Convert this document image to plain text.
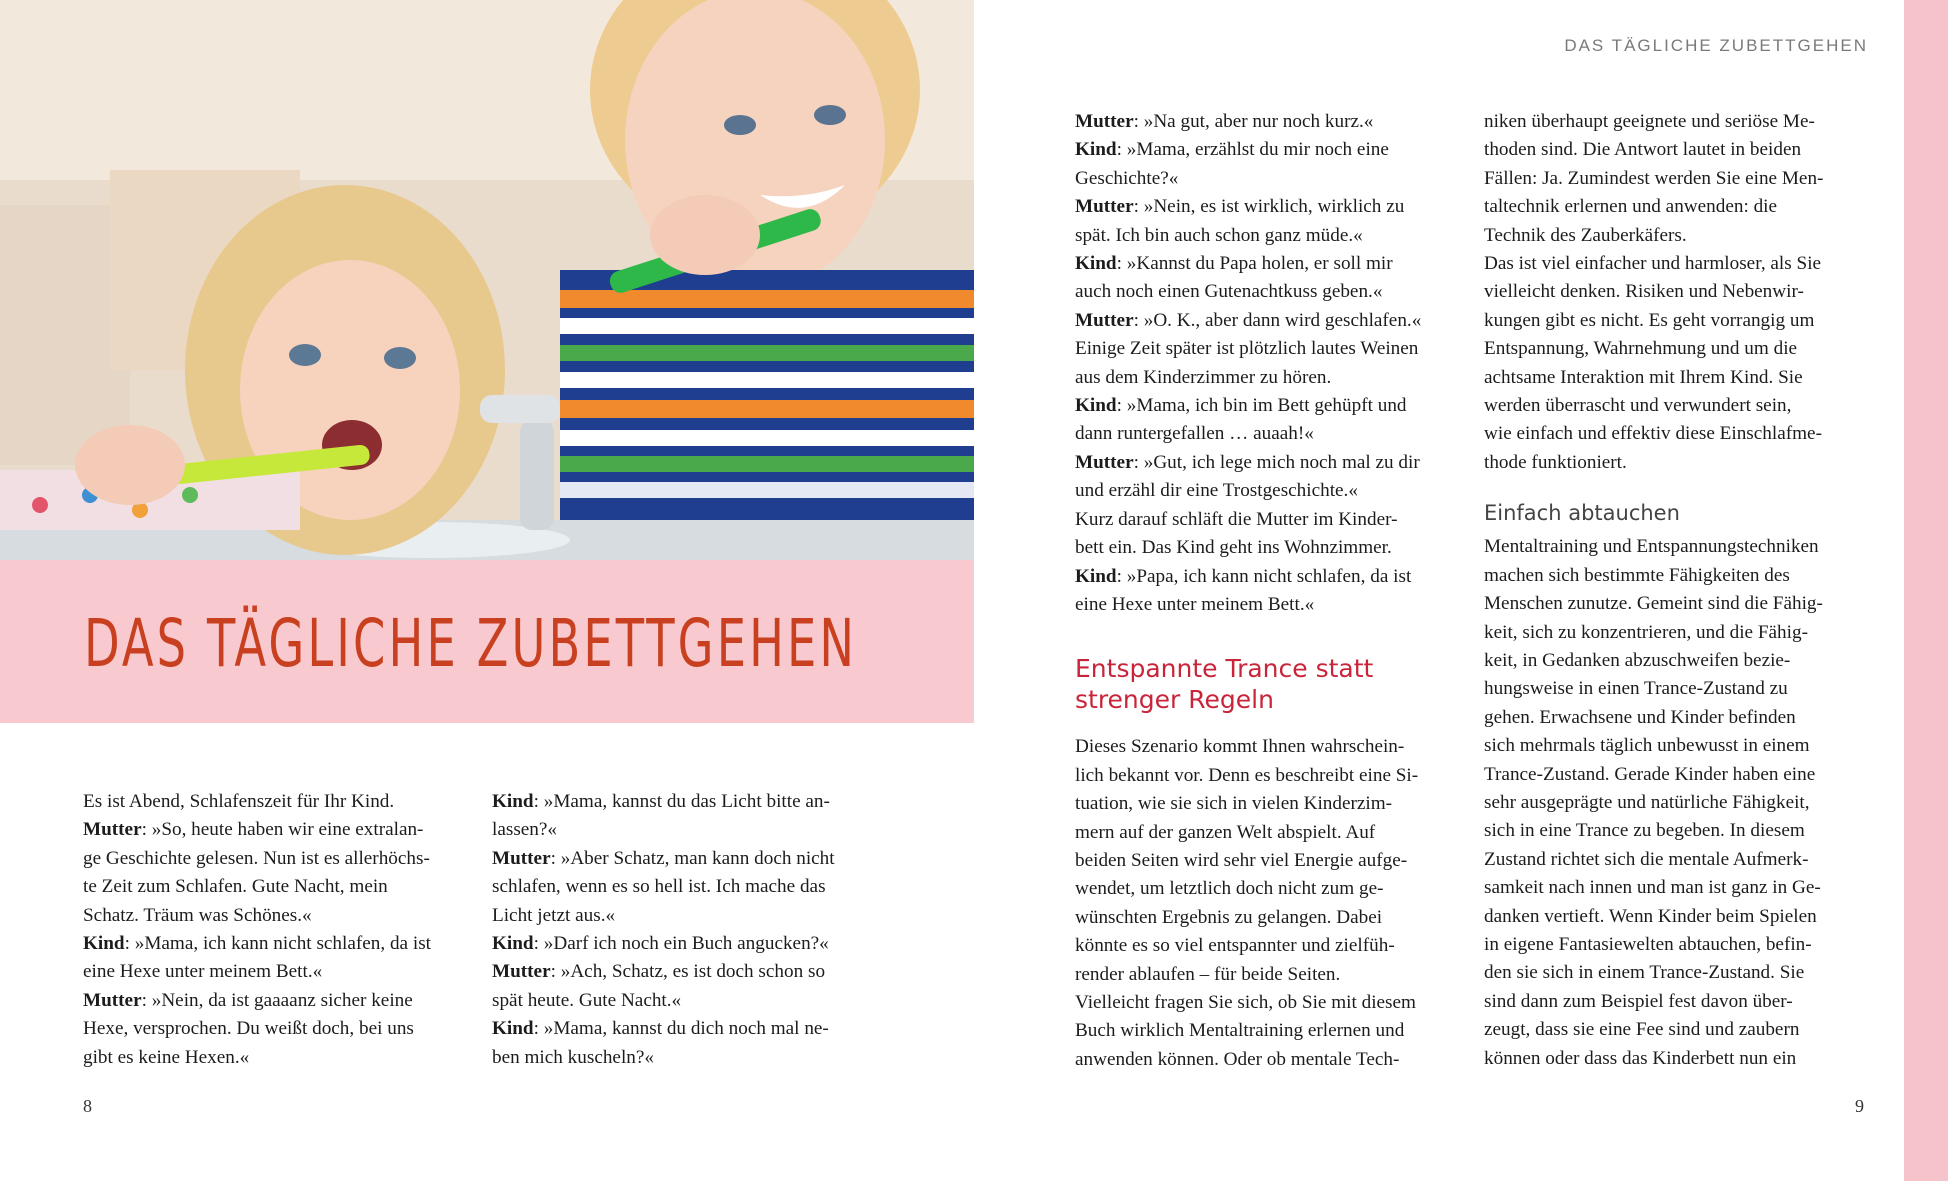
DAS TÄGLICHE ZUBETTGEHEN

Es ist Abend, Schlafenszeit für Ihr Kind.

Mutter: »So, heute haben wir eine extralan-

ge Geschichte gelesen. Nun ist es allerhöchs-

te Zeit zum Schlafen. Gute Nacht, mein

Schatz. Träum was Schönes.«

Kind: »Mama, ich kann nicht schlafen, da ist

eine Hexe unter meinem Bett.«

Mutter: »Nein, da ist gaaaanz sicher keine

Hexe, versprochen. Du weißt doch, bei uns

gibt es keine Hexen.«

Kind: »Mama, kannst du das Licht bitte an-

lassen?«

Mutter: »Aber Schatz, man kann doch nicht

schlafen, wenn es so hell ist. Ich mache das

Licht jetzt aus.«

Kind: »Darf ich noch ein Buch angucken?«

Mutter: »Ach, Schatz, es ist doch schon so

spät heute. Gute Nacht.«

Kind: »Mama, kannst du dich noch mal ne-

ben mich kuscheln?«

8
DAS TÄGLICHE ZUBETTGEHEN

Mutter: »Na gut, aber nur noch kurz.«

Kind: »Mama, erzählst du mir noch eine

Geschichte?«

Mutter: »Nein, es ist wirklich, wirklich zu

spät. Ich bin auch schon ganz müde.«

Kind: »Kannst du Papa holen, er soll mir

auch noch einen Gutenachtkuss geben.«

Mutter: »O. K., aber dann wird geschlafen.«

Einige Zeit später ist plötzlich lautes Weinen

aus dem Kinderzimmer zu hören.

Kind: »Mama, ich bin im Bett gehüpft und

dann runtergefallen … auaah!«

Mutter: »Gut, ich lege mich noch mal zu dir

und erzähl dir eine Trostgeschichte.«

Kurz darauf schläft die Mutter im Kinder-

bett ein. Das Kind geht ins Wohnzimmer.

Kind: »Papa, ich kann nicht schlafen, da ist

eine Hexe unter meinem Bett.«

Entspannte Trance statt
strenger Regeln

Dieses Szenario kommt Ihnen wahrschein-

lich bekannt vor. Denn es beschreibt eine Si-

tuation, wie sie sich in vielen Kinderzim-

mern auf der ganzen Welt abspielt. Auf

beiden Seiten wird sehr viel Energie aufge-

wendet, um letztlich doch nicht zum ge-

wünschten Ergebnis zu gelangen. Dabei

könnte es so viel entspannter und zielfüh-

render ablaufen – für beide Seiten.

Vielleicht fragen Sie sich, ob Sie mit diesem

Buch wirklich Mentaltraining erlernen und

anwenden können. Oder ob mentale Tech-

niken überhaupt geeignete und seriöse Me-

thoden sind. Die Antwort lautet in beiden

Fällen: Ja. Zumindest werden Sie eine Men-

taltechnik erlernen und anwenden: die

Technik des Zauberkäfers.

Das ist viel einfacher und harmloser, als Sie

vielleicht denken. Risiken und Nebenwir-

kungen gibt es nicht. Es geht vorrangig um

Entspannung, Wahrnehmung und um die

achtsame Interaktion mit Ihrem Kind. Sie

werden überrascht und verwundert sein,

wie einfach und effektiv diese Einschlafme-

thode funktioniert.

Einfach abtauchen

Mentaltraining und Entspannungstechniken

machen sich bestimmte Fähigkeiten des

Menschen zunutze. Gemeint sind die Fähig-

keit, sich zu konzentrieren, und die Fähig-

keit, in Gedanken abzuschweifen bezie-

hungsweise in einen Trance-Zustand zu

gehen. Erwachsene und Kinder befinden

sich mehrmals täglich unbewusst in einem

Trance-Zustand. Gerade Kinder haben eine

sehr ausgeprägte und natürliche Fähigkeit,

sich in eine Trance zu begeben. In diesem

Zustand richtet sich die mentale Aufmerk-

samkeit nach innen und man ist ganz in Ge-

danken vertieft. Wenn Kinder beim Spielen

in eigene Fantasiewelten abtauchen, befin-

den sie sich in einem Trance-Zustand. Sie

sind dann zum Beispiel fest davon über-

zeugt, dass sie eine Fee sind und zaubern

können oder dass das Kinderbett nun ein

9
